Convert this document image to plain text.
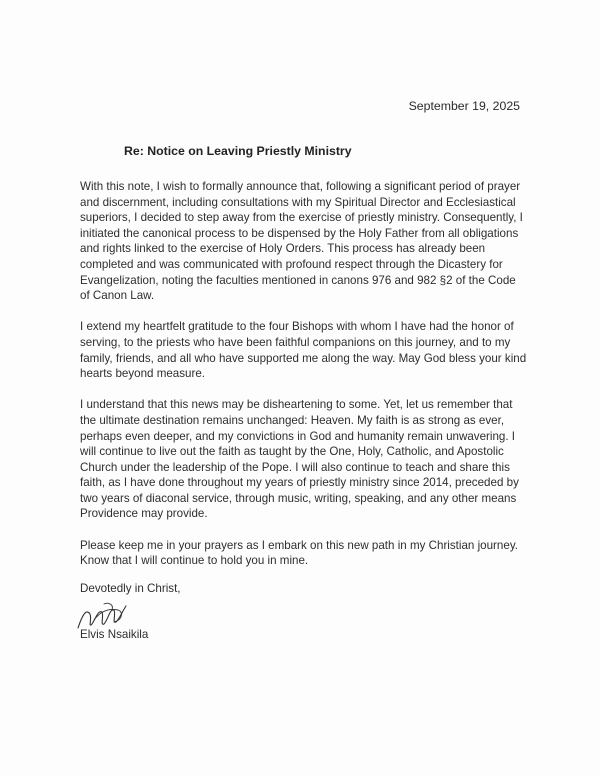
September 19, 2025
Re: Notice on Leaving Priestly Ministry

With this note, I wish to formally announce that, following a significant period of prayer and discernment, including consultations with my Spiritual Director and Ecclesiastical superiors, I decided to step away from the exercise of priestly ministry. Consequently, I initiated the canonical process to be dispensed by the Holy Father from all obligations and rights linked to the exercise of Holy Orders. This process has already been completed and was communicated with profound respect through the Dicastery for Evangelization, noting the faculties mentioned in canons 976 and 982 §2 of the Code of Canon Law.

I extend my heartfelt gratitude to the four Bishops with whom I have had the honor of serving, to the priests who have been faithful companions on this journey, and to my family, friends, and all who have supported me along the way. May God bless your kind hearts beyond measure.

I understand that this news may be disheartening to some. Yet, let us remember that the ultimate destination remains unchanged: Heaven. My faith is as strong as ever, perhaps even deeper, and my convictions in God and humanity remain unwavering. I will continue to live out the faith as taught by the One, Holy, Catholic, and Apostolic Church under the leadership of the Pope. I will also continue to teach and share this faith, as I have done throughout my years of priestly ministry since 2014, preceded by two years of diaconal service, through music, writing, speaking, and any other means Providence may provide.

Please keep me in your prayers as I embark on this new path in my Christian journey. Know that I will continue to hold you in mine.

Devotedly in Christ,
Elvis Nsaikila
